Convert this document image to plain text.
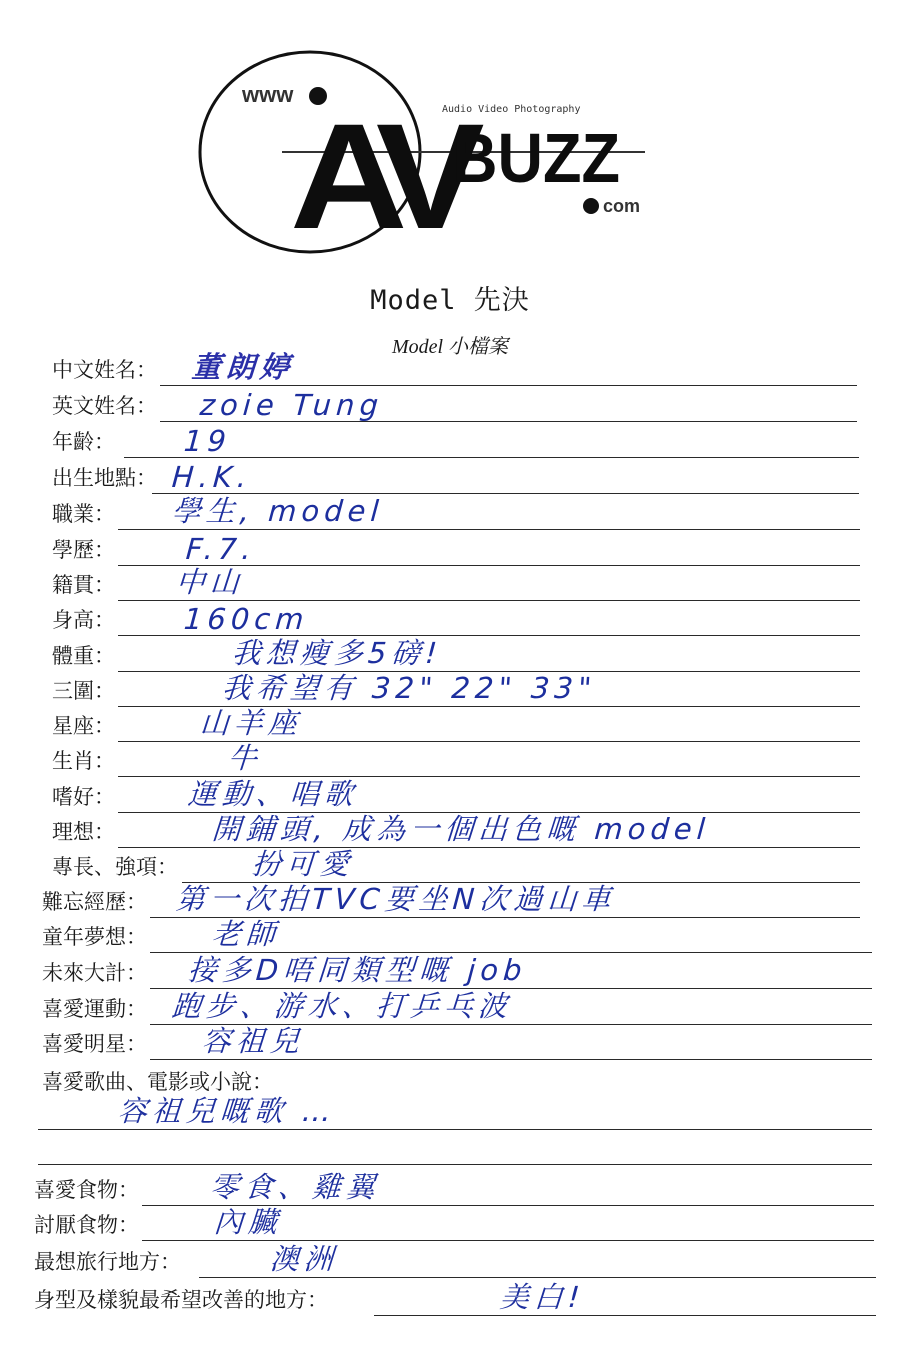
www
Audio Video Photography
AV
BUZZ
com
Model 先決
Model 小檔案
中文姓名： 董朗婷
英文姓名： zoie Tung
年齡： 19
出生地點： H.K.
職業： 學生, model
學歷： F.7.
籍貫： 中山
身高： 160cm
體重：	我想瘦多5磅!
三圍：	我希望有 32" 22" 33"
星座：	山羊座
生肖：	牛
嗜好： 運動、唱歌
理想：	開鋪頭, 成為一個出色嘅 model
專長、強項：	扮可愛
難忘經歷： 第一次拍TVC要坐N次過山車
童年夢想： 老師
未來大計： 接多D唔同類型嘅 job
喜愛運動： 跑步、游水、打乒乓波
喜愛明星： 容祖兒
喜愛歌曲、電影或小說：
容祖兒嘅歌 …
喜愛食物： 零食、雞翼
討厭食物：	內臟
最想旅行地方：	澳洲
身型及樣貌最希望改善的地方：	美白!
